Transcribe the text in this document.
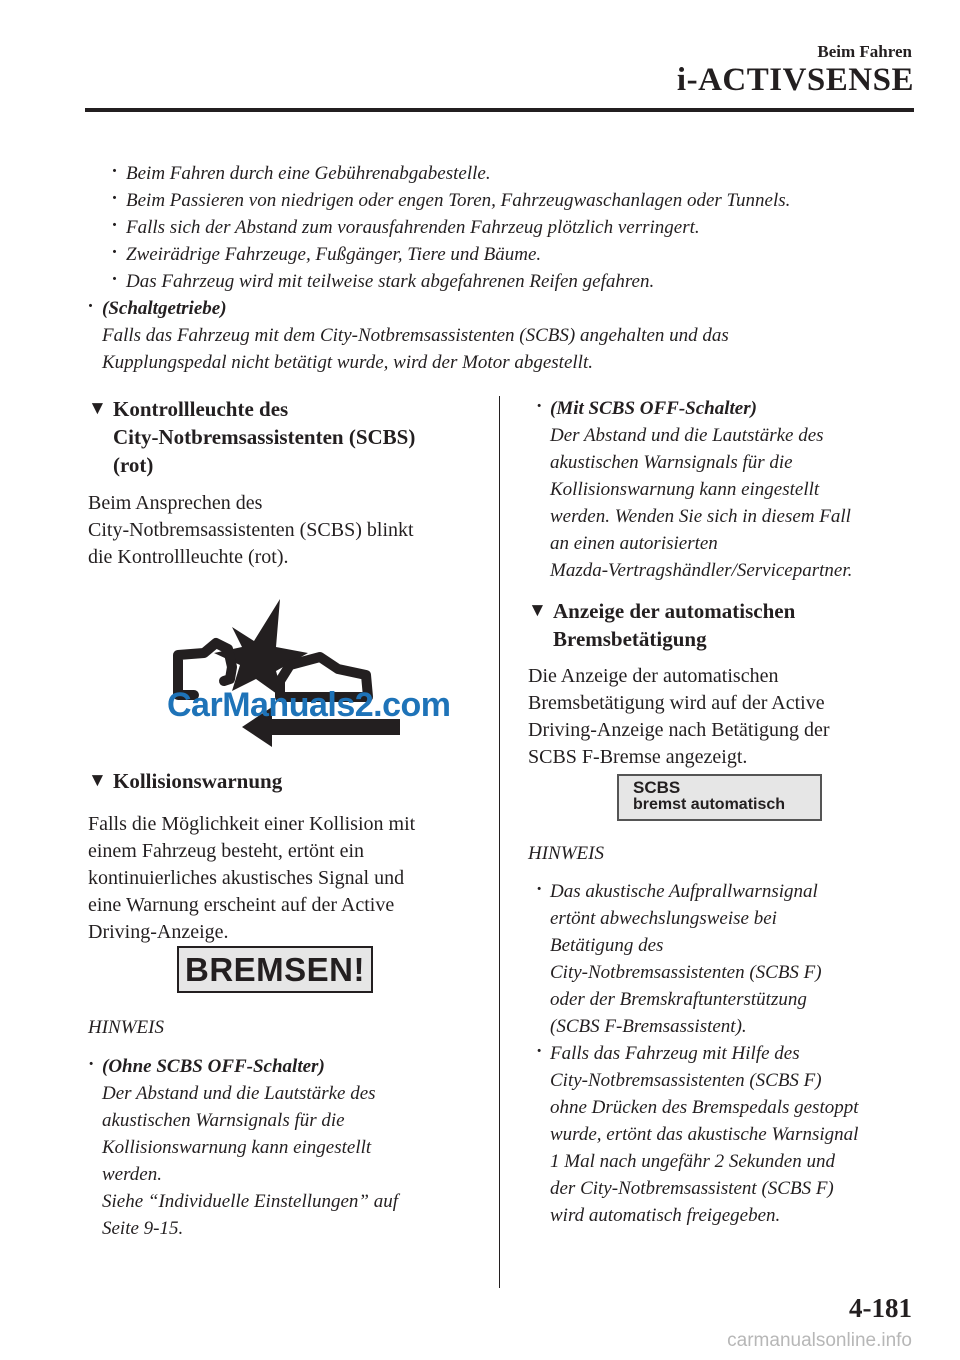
Beim Fahren
i-ACTIVSENSE
· Beim Fahren durch eine Gebührenabgabestelle.
· Beim Passieren von niedrigen oder engen Toren, Fahrzeugwaschanlagen oder Tunnels.
· Falls sich der Abstand zum vorausfahrenden Fahrzeug plötzlich verringert.
· Zweirädrige Fahrzeuge, Fußgänger, Tiere und Bäume.
· Das Fahrzeug wird mit teilweise stark abgefahrenen Reifen gefahren.
· (Schaltgetriebe)
Falls das Fahrzeug mit dem City-Notbremsassistenten (SCBS) angehalten und das
Kupplungspedal nicht betätigt wurde, wird der Motor abgestellt.
▼ Kontrollleuchte des
City-Notbremsassistenten (SCBS)
(rot)
Beim Ansprechen des
City-Notbremsassistenten (SCBS) blinkt
die Kontrollleuchte (rot).
CarManuals2.com
▼ Kollisionswarnung
Falls die Möglichkeit einer Kollision mit
einem Fahrzeug besteht, ertönt ein
kontinuierliches akustisches Signal und
eine Warnung erscheint auf der Active
Driving-Anzeige.
BREMSEN!
HINWEIS
· (Ohne SCBS OFF-Schalter)
Der Abstand und die Lautstärke des
akustischen Warnsignals für die
Kollisionswarnung kann eingestellt
werden.
Siehe “Individuelle Einstellungen” auf
Seite 9-15.
· (Mit SCBS OFF-Schalter)
Der Abstand und die Lautstärke des
akustischen Warnsignals für die
Kollisionswarnung kann eingestellt
werden. Wenden Sie sich in diesem Fall
an einen autorisierten
Mazda-Vertragshändler/Servicepartner.
▼ Anzeige der automatischen
Bremsbetätigung
Die Anzeige der automatischen
Bremsbetätigung wird auf der Active
Driving-Anzeige nach Betätigung der
SCBS F-Bremse angezeigt.
SCBS
bremst automatisch
HINWEIS
· Das akustische Aufprallwarnsignal
ertönt abwechslungsweise bei
Betätigung des
City-Notbremsassistenten (SCBS F)
oder der Bremskraftunterstützung
(SCBS F-Bremsassistent).
· Falls das Fahrzeug mit Hilfe des
City-Notbremsassistenten (SCBS F)
ohne Drücken des Bremspedals gestoppt
wurde, ertönt das akustische Warnsignal
1 Mal nach ungefähr 2 Sekunden und
der City-Notbremsassistent (SCBS F)
wird automatisch freigegeben.
4-181
carmanualsonline.info
